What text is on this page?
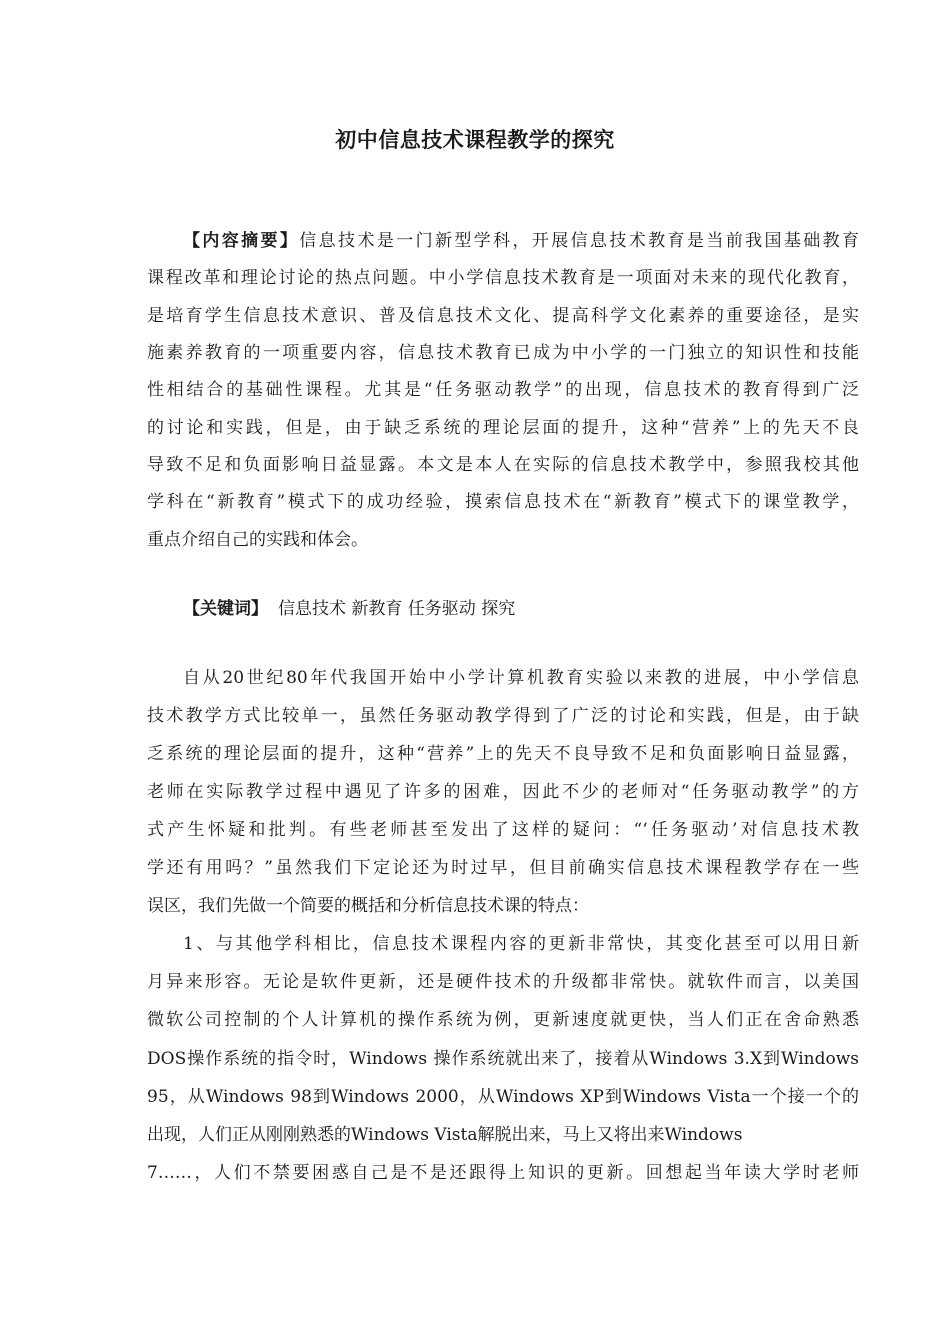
初中信息技术课程教学的探究
【内容摘要】信息技术是一门新型学科，开展信息技术教育是当前我国基础教育
课程改革和理论讨论的热点问题。中小学信息技术教育是一项面对未来的现代化教育，
是培育学生信息技术意识、普及信息技术文化、提高科学文化素养的重要途径，是实
施素养教育的一项重要内容，信息技术教育已成为中小学的一门独立的知识性和技能
性相结合的基础性课程。尤其是“任务驱动教学”的出现，信息技术的教育得到广泛
的讨论和实践，但是，由于缺乏系统的理论层面的提升，这种“营养”上的先天不良
导致不足和负面影响日益显露。本文是本人在实际的信息技术教学中，参照我校其他
学科在“新教育”模式下的成功经验，摸索信息技术在“新教育”模式下的课堂教学，
重点介绍自己的实践和体会。
【关键词】 信息技术 新教育 任务驱动 探究
自从20世纪80年代我国开始中小学计算机教育实验以来教的进展，中小学信息
技术教学方式比较单一，虽然任务驱动教学得到了广泛的讨论和实践，但是，由于缺
乏系统的理论层面的提升，这种“营养”上的先天不良导致不足和负面影响日益显露，
老师在实际教学过程中遇见了许多的困难，因此不少的老师对“任务驱动教学”的方
式产生怀疑和批判。有些老师甚至发出了这样的疑问：“‘任务驱动’对信息技术教
学还有用吗？”虽然我们下定论还为时过早，但目前确实信息技术课程教学存在一些
误区，我们先做一个简要的概括和分析信息技术课的特点：
1、与其他学科相比，信息技术课程内容的更新非常快，其变化甚至可以用日新
月异来形容。无论是软件更新，还是硬件技术的升级都非常快。就软件而言，以美国
微软公司控制的个人计算机的操作系统为例，更新速度就更快，当人们正在舍命熟悉
DOS操作系统的指令时，Windows 操作系统就出来了，接着从Windows 3.X到Windows
95，从Windows 98到Windows 2000，从Windows XP到Windows Vista一个接一个的
出现，人们正从刚刚熟悉的Windows Vista解脱出来，马上又将出来Windows
7……，人们不禁要困惑自己是不是还跟得上知识的更新。回想起当年读大学时老师
